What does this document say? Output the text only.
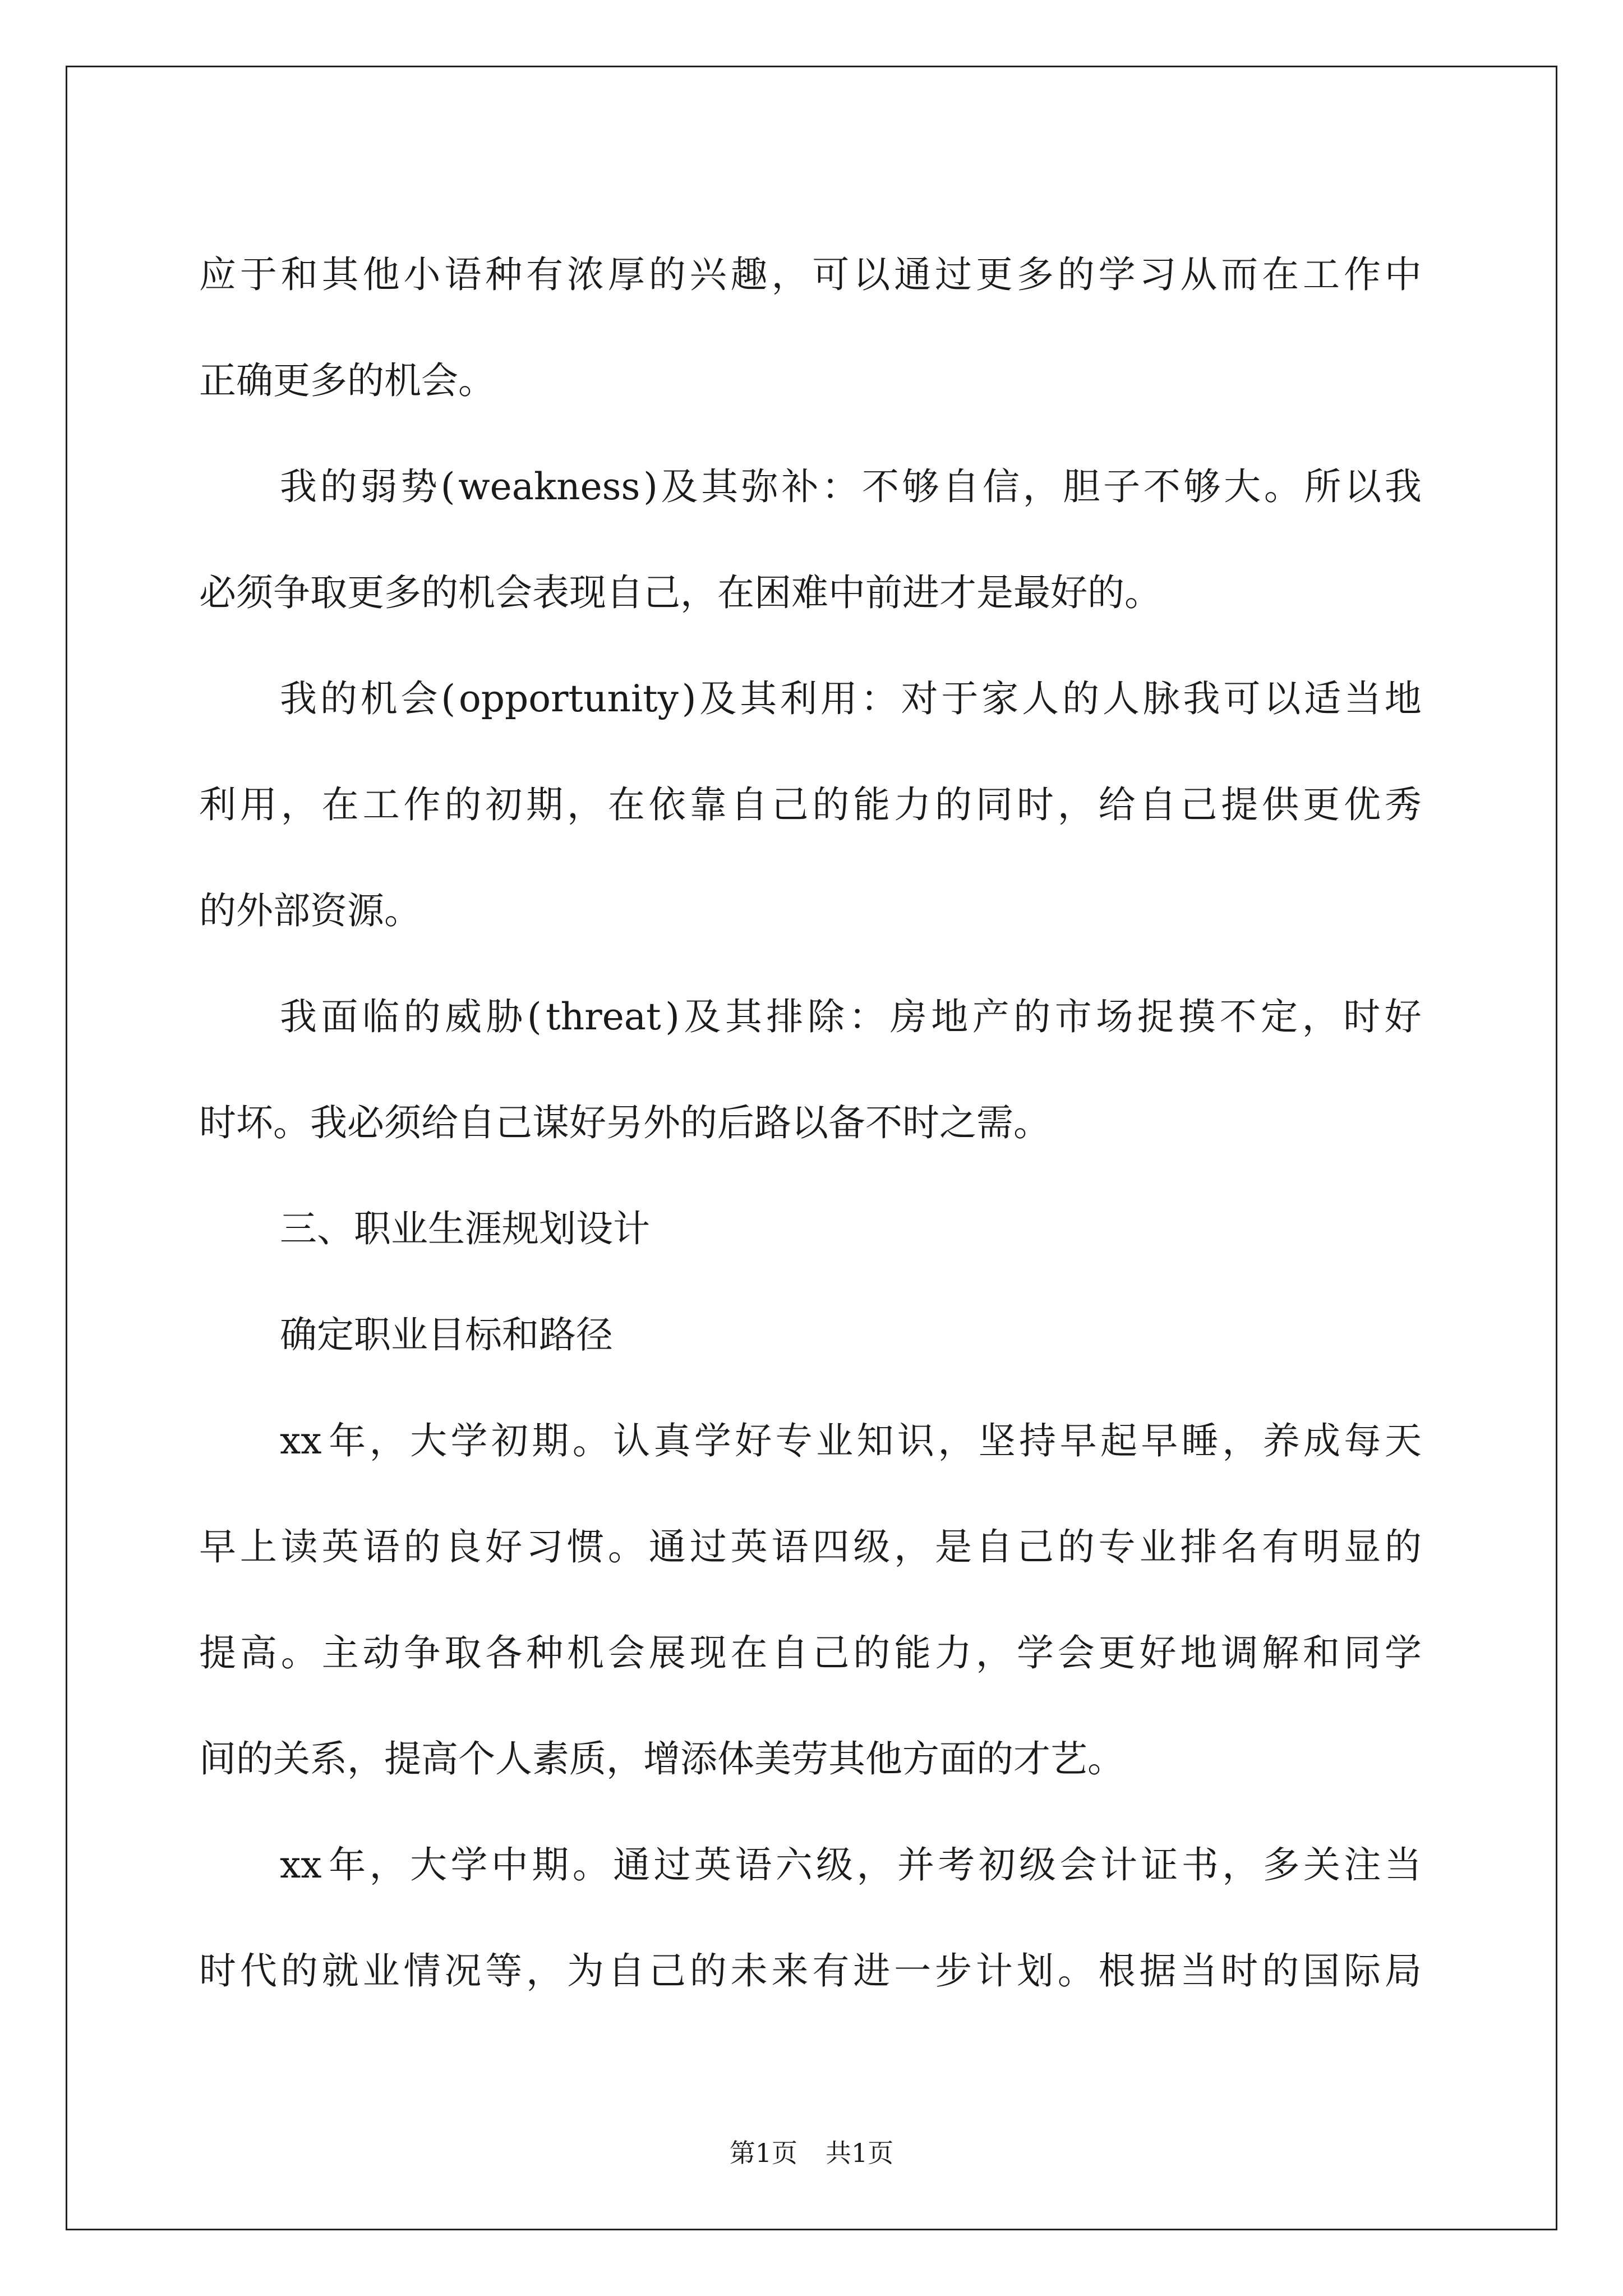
应 于 和 其 他 小 语 种 有 浓 厚 的 兴 趣 ， 可 以 通 过 更 多 的 学 习 从 而 在 工 作 中
正确更多的机会。
我 的 弱 势 ( weakness ) 及 其 弥 补 ： 不 够 自 信 ， 胆 子 不 够 大 。 所 以 我
必须争取更多的机会表现自己，在困难中前进才是最好的。
我 的 机 会 ( opportunity ) 及 其 利 用 ： 对 于 家 人 的 人 脉 我 可 以 适 当 地
利 用 ， 在 工 作 的 初 期 ， 在 依 靠 自 己 的 能 力 的 同 时 ， 给 自 己 提 供 更 优 秀
的外部资源。
我 面 临 的 威 胁 ( threat ) 及 其 排 除 ： 房 地 产 的 市 场 捉 摸 不 定 ， 时 好
时坏。我必须给自己谋好另外的后路以备不时之需。
三、职业生涯规划设计
确定职业目标和路径
xx 年 ， 大 学 初 期 。 认 真 学 好 专 业 知 识 ， 坚 持 早 起 早 睡 ， 养 成 每 天
早 上 读 英 语 的 良 好 习 惯 。 通 过 英 语 四 级 ， 是 自 己 的 专 业 排 名 有 明 显 的
提 高 。 主 动 争 取 各 种 机 会 展 现 在 自 己 的 能 力 ， 学 会 更 好 地 调 解 和 同 学
间的关系，提高个人素质，增添体美劳其他方面的才艺。
xx 年 ， 大 学 中 期 。 通 过 英 语 六 级 ， 并 考 初 级 会 计 证 书 ， 多 关 注 当
时 代 的 就 业 情 况 等 ， 为 自 己 的 未 来 有 进 一 步 计 划 。 根 据 当 时 的 国 际 局
第1页 共1页
